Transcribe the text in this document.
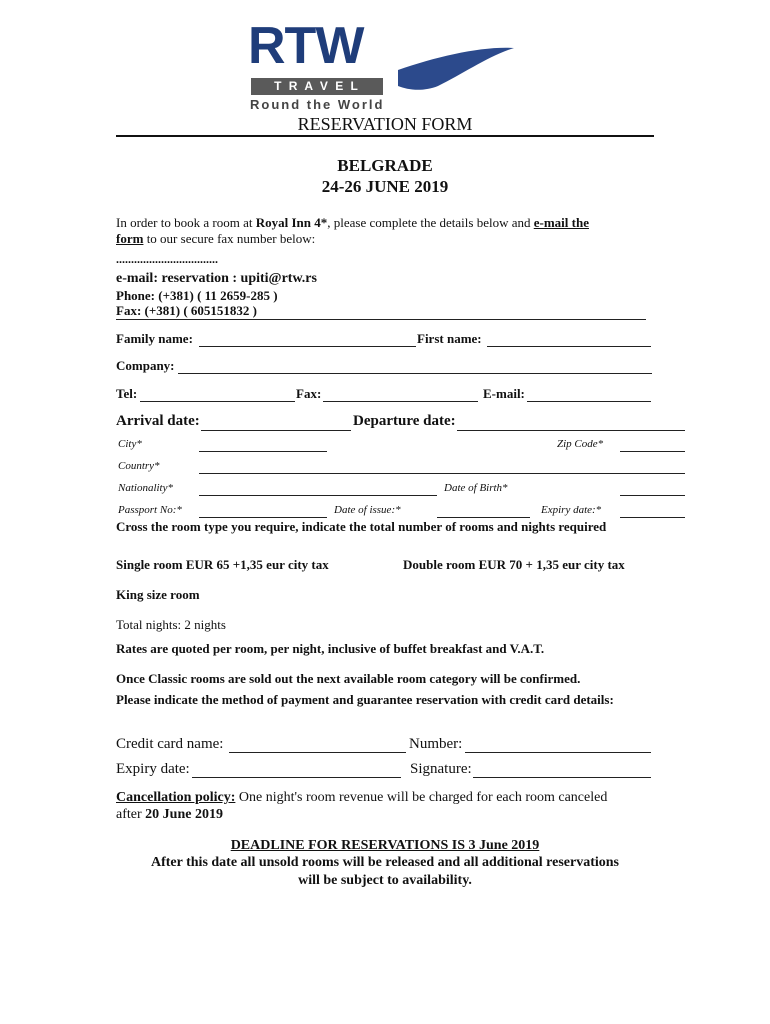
RTW
T R A V E L
Round the World
RESERVATION FORM
BELGRADE
24-26 JUNE 2019
In order to book a room at Royal Inn 4*, please complete the details below and e-mail the
form to our secure fax number below:
..................................
e-mail: reservation : upiti@rtw.rs
Phone: (+381) ( 11 2659-285 )
Fax: (+381) ( 605151832 )
Family name:	First name:
Company:
Tel:	Fax:	E-mail:
Arrival date:	Departure date:
City*	Zip Code*
Country*
Nationality*	Date of Birth*
Passport No:*	Date of issue:*	Expiry date:*
Cross the room type you require, indicate the total number of rooms and nights required
Single room EUR 65 +1,35 eur city tax	Double room EUR 70 + 1,35 eur city tax
King size room
Total nights: 2 nights
Rates are quoted per room, per night, inclusive of buffet breakfast and V.A.T.
Once Classic rooms are sold out the next available room category will be confirmed.
Please indicate the method of payment and guarantee reservation with credit card details:
Credit card name:	Number:
Expiry date:	Signature:
Cancellation policy: One night's room revenue will be charged for each room canceled after 20 June 2019
DEADLINE FOR RESERVATIONS IS 3 June 2019
After this date all unsold rooms will be released and all additional reservations
will be subject to availability.
